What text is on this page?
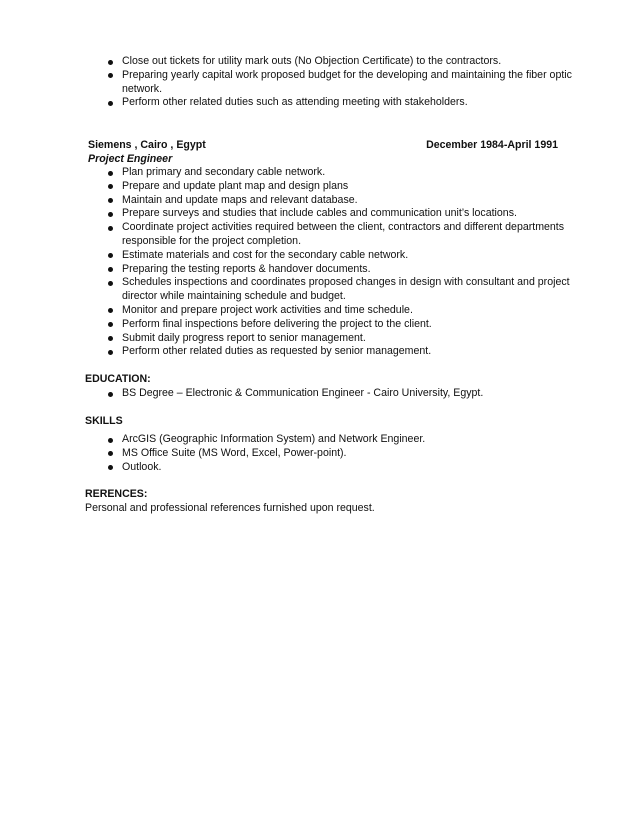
Close out tickets for utility mark outs (No Objection Certificate) to the contractors.
Preparing yearly capital work proposed budget for the developing and maintaining the fiber optic network.
Perform other related duties such as attending meeting with stakeholders.
Siemens , Cairo , Egypt	December 1984-April 1991
Project Engineer
Plan primary and secondary cable network.
Prepare and update plant map and design plans
Maintain and update maps and relevant database.
Prepare surveys and studies that include cables and communication unit’s locations.
Coordinate project activities required between the client, contractors and different departments responsible for the project completion.
Estimate materials and cost for the secondary cable network.
Preparing the testing reports & handover documents.
Schedules inspections and coordinates proposed changes in design with consultant and project director while maintaining schedule and budget.
Monitor and prepare project work activities and time schedule.
Perform final inspections before delivering the project to the client.
Submit daily progress report to senior management.
Perform other related duties as requested by senior management.
EDUCATION:
BS Degree – Electronic & Communication Engineer - Cairo University, Egypt.
SKILLS
ArcGIS (Geographic Information System) and Network Engineer.
MS Office Suite (MS Word, Excel, Power-point).
Outlook.
RERENCES:
Personal and professional references furnished upon request.
